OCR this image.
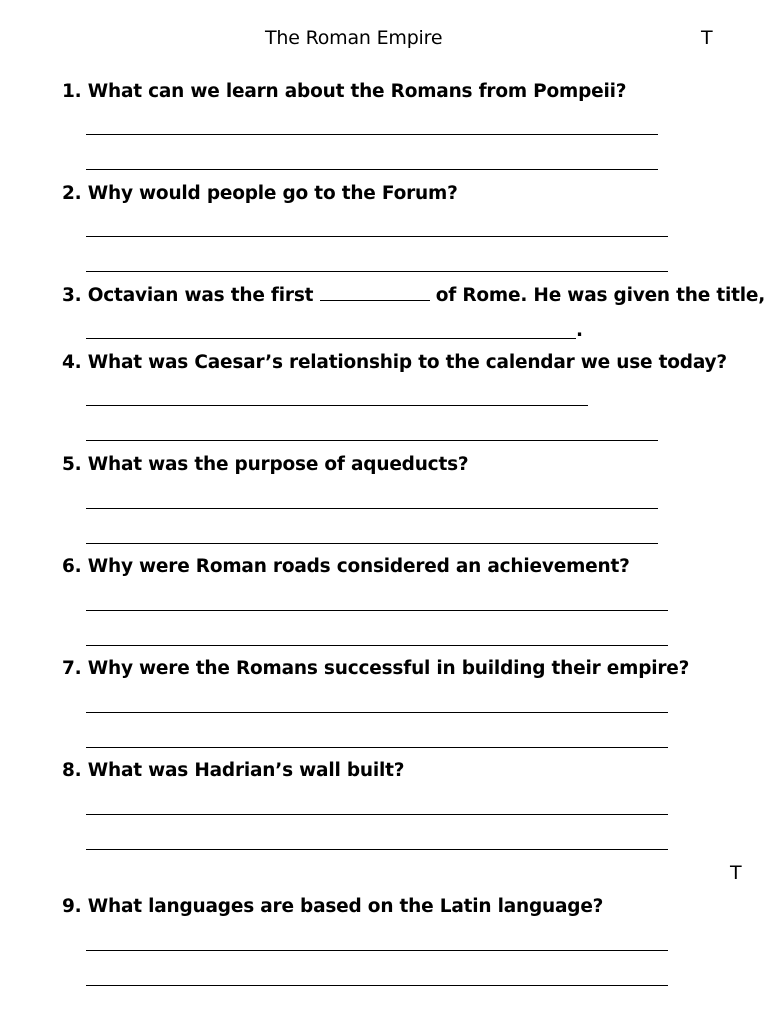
The Roman Empire	T
1. What can we learn about the Romans from Pompeii?
2. Why would people go to the Forum?
3. Octavian was the first	of Rome. He was given the title,
.
4. What was Caesar’s relationship to the calendar we use today?
5. What was the purpose of aqueducts?
6. Why were Roman roads considered an achievement?
7. Why were the Romans successful in building their empire?
8. What was Hadrian’s wall built?
T
9. What languages are based on the Latin language?
